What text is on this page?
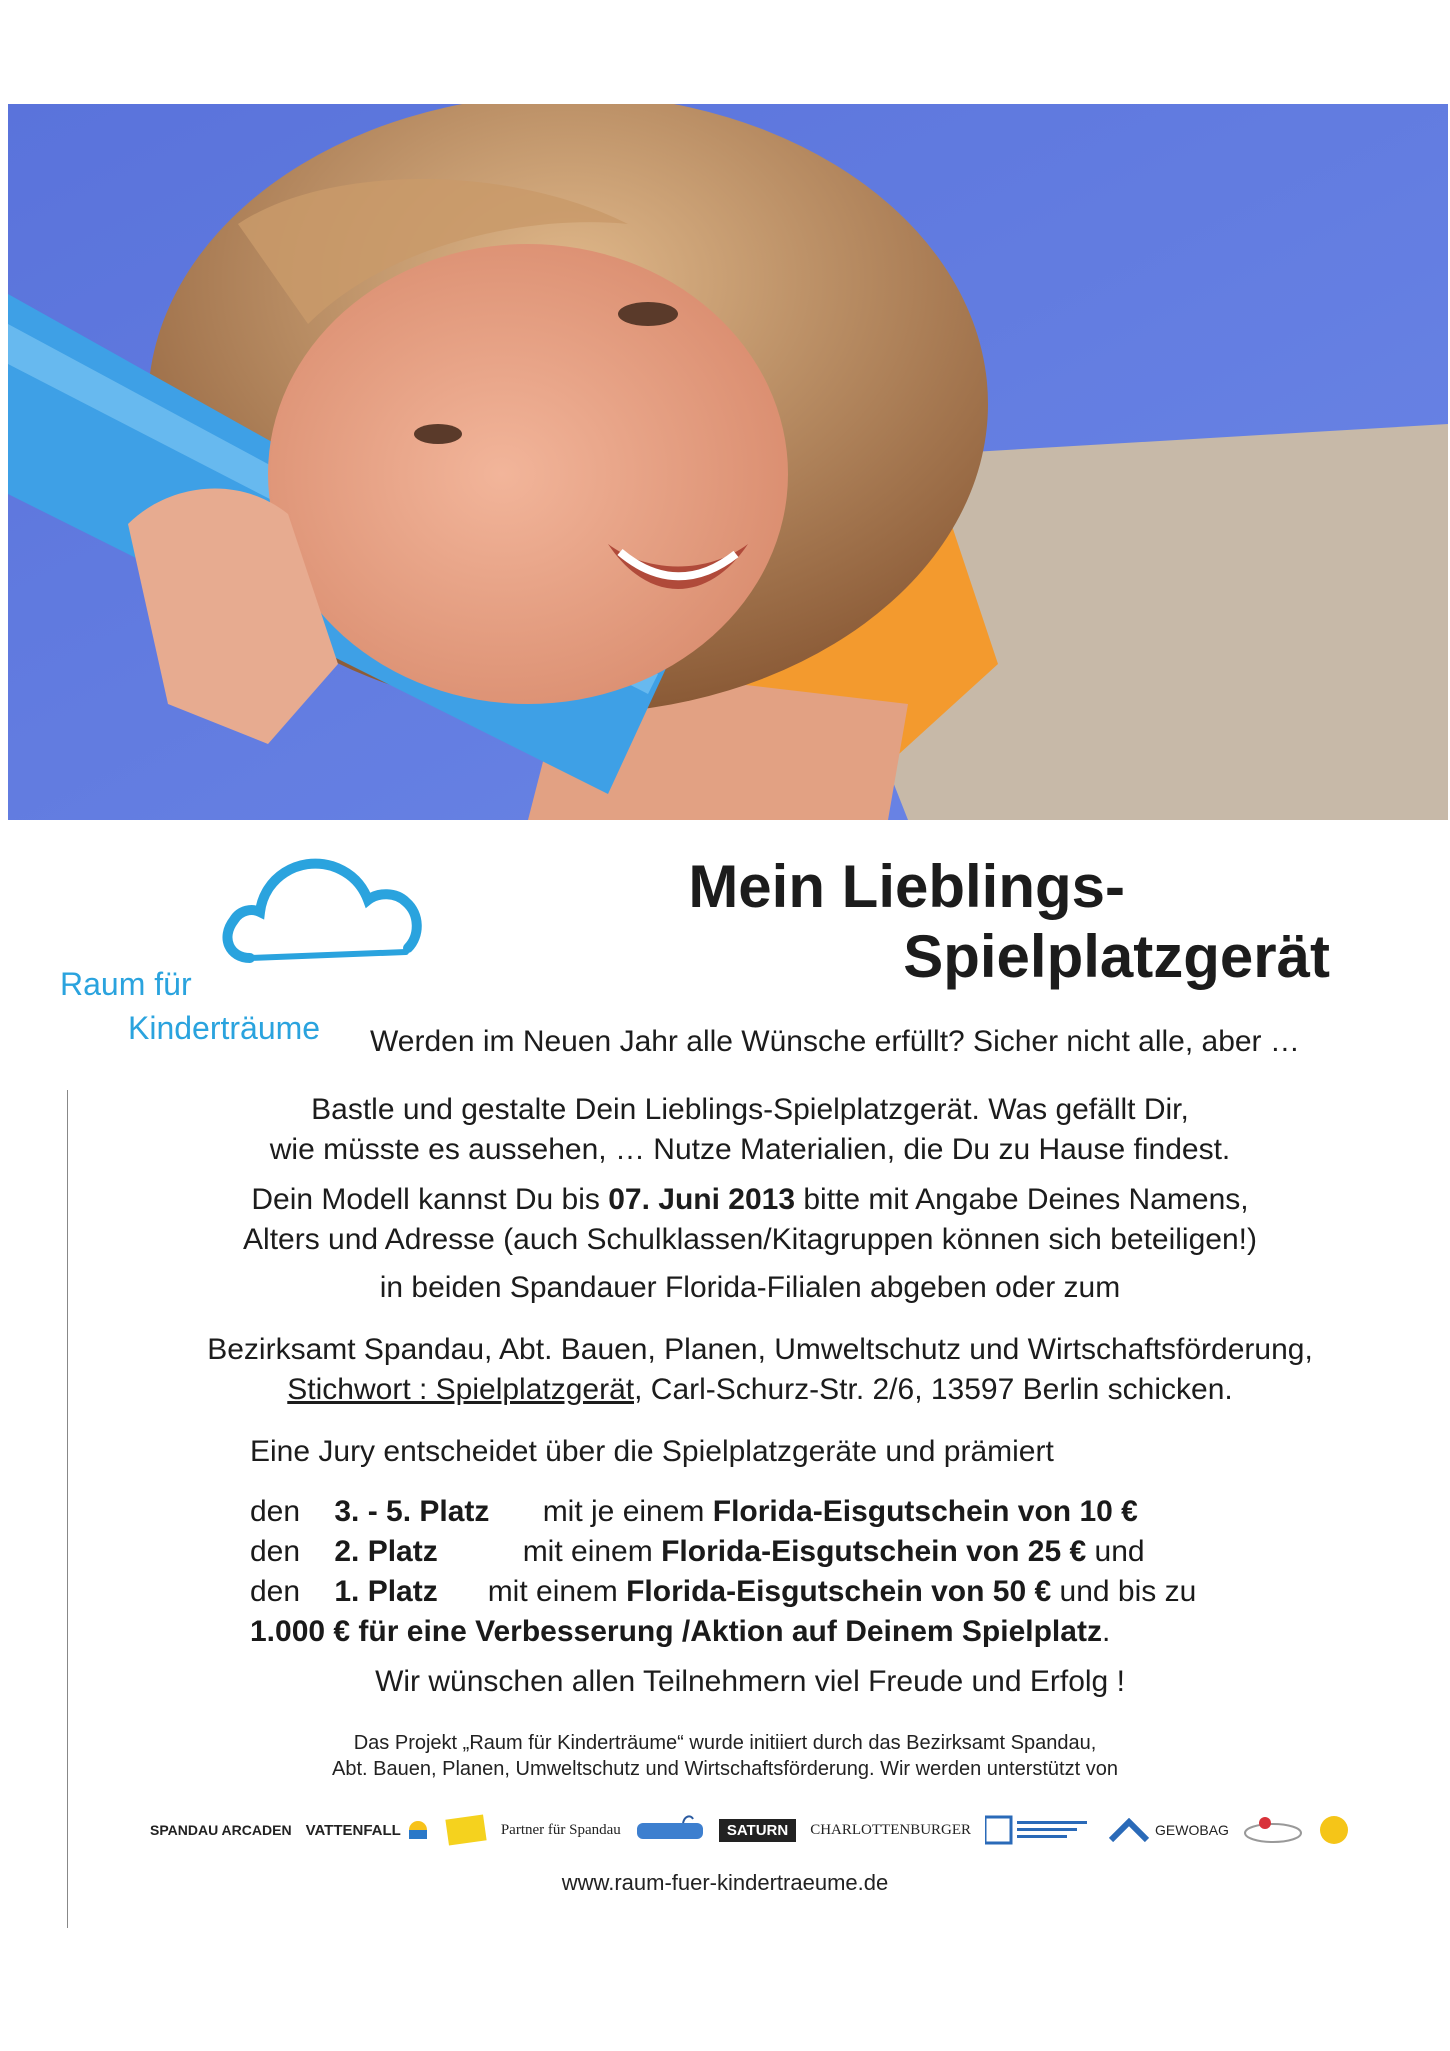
Raum für
Kinderträume
Mein Lieblings-
Spielplatzgerät
Werden im Neuen Jahr alle Wünsche erfüllt? Sicher nicht alle, aber …
Bastle und gestalte Dein Lieblings-Spielplatzgerät. Was gefällt Dir,
wie müsste es aussehen, … Nutze Materialien, die Du zu Hause findest.
Dein Modell kannst Du bis 07. Juni 2013 bitte mit Angabe Deines Namens,
Alters und Adresse (auch Schulklassen/Kitagruppen können sich beteiligen!)
in beiden Spandauer Florida-Filialen abgeben oder zum
Bezirksamt Spandau, Abt. Bauen, Planen, Umweltschutz und Wirtschaftsförderung,
Stichwort : Spielplatzgerät, Carl-Schurz-Str. 2/6, 13597 Berlin schicken.
Eine Jury entscheidet über die Spielplatzgeräte und prämiert
den 3. - 5. Platz mit je einem Florida-Eisgutschein von 10 €
den 2. Platz	mit einem Florida-Eisgutschein von 25 € und
den 1. Platz mit einem Florida-Eisgutschein von 50 € und bis zu
1.000 € für eine Verbesserung /Aktion auf Deinem Spielplatz.
Wir wünschen allen Teilnehmern viel Freude und Erfolg !
Das Projekt „Raum für Kinderträume“ wurde initiiert durch das Bezirksamt Spandau,
Abt. Bauen, Planen, Umweltschutz und Wirtschaftsförderung. Wir werden unterstützt von
SPANDAU ARCADEN VATTENFALL	Partner für Spandau	SATURN	CHARLOTTENBURGER	GEWOBAG
www.raum-fuer-kindertraeume.de
